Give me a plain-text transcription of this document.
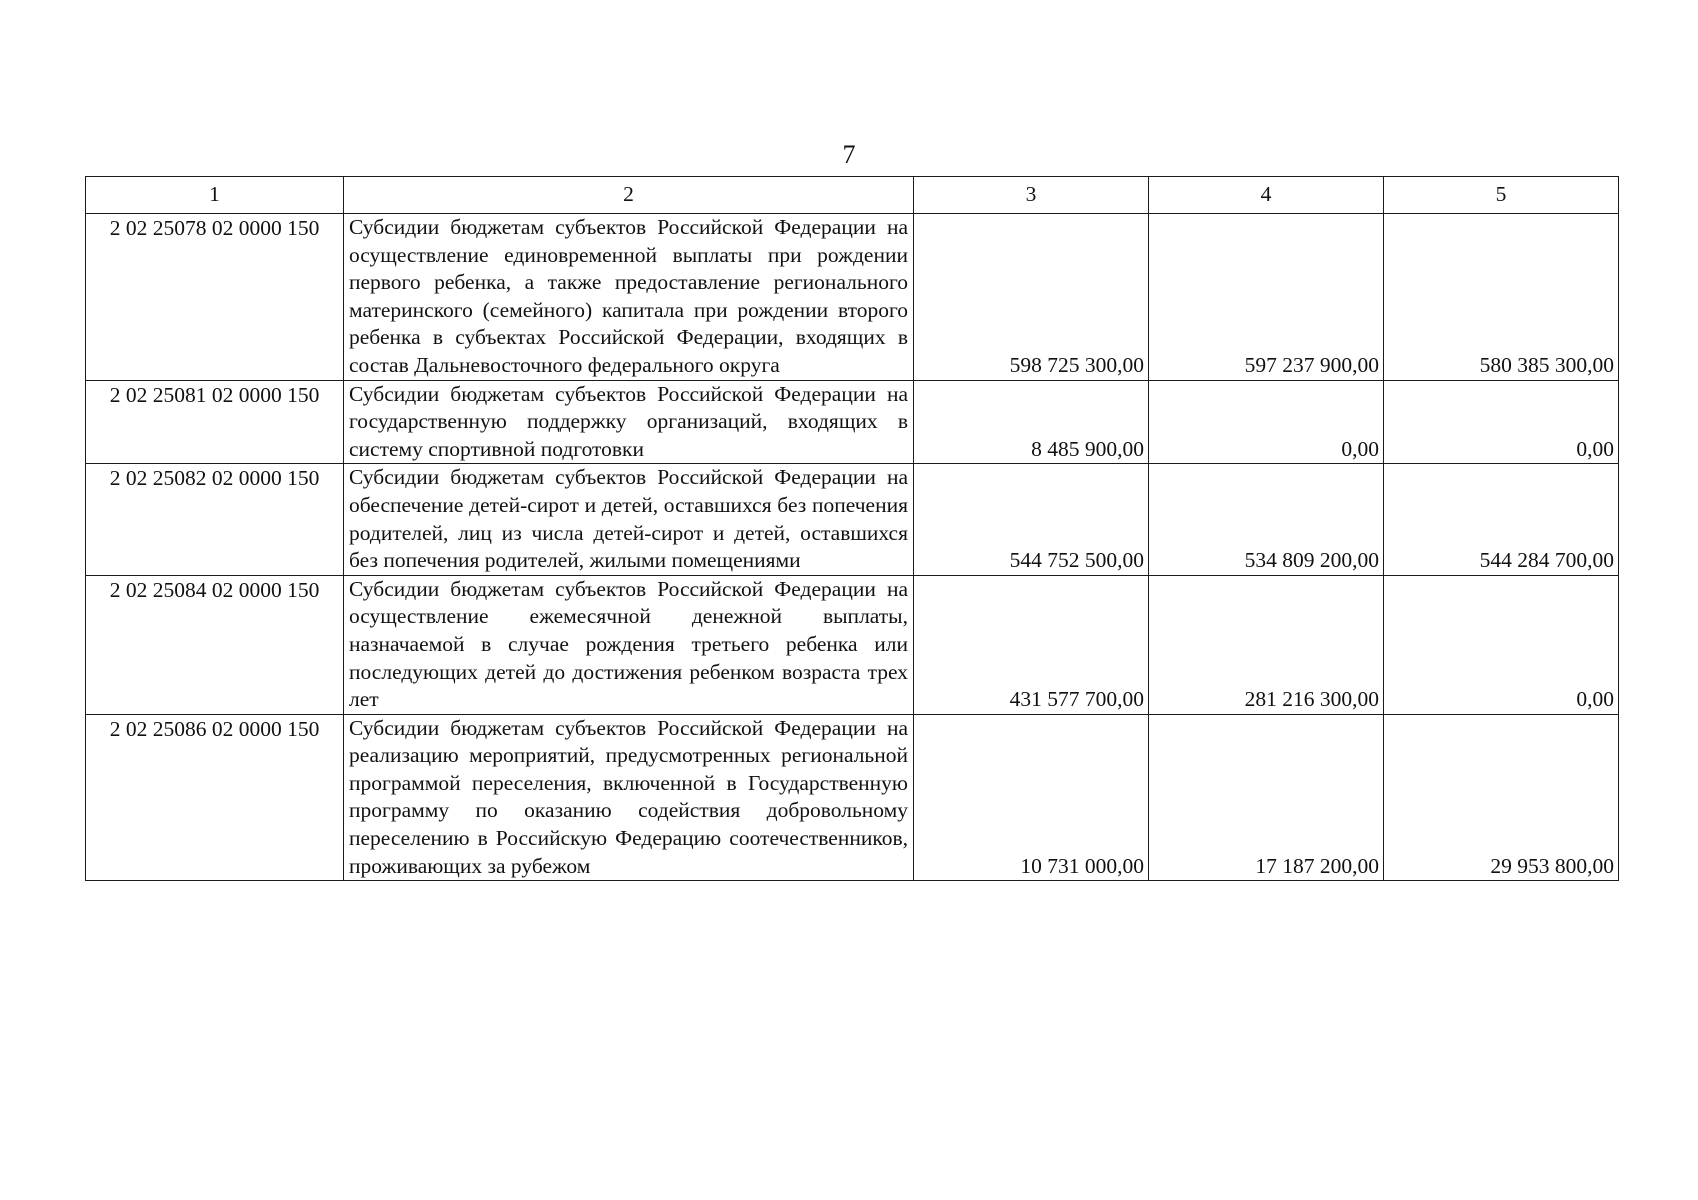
7
1	2	3	4	5
2 02 25078 02 0000 150	Субсидии бюджетам субъектов Российской Федерации на осуществление единовременной выплаты при рождении первого ребенка, а также предоставление регионального материнского (семейного) капитала при рождении второго ребенка в субъектах Российской Федерации, входящих в состав Дальневосточного федерального округа	598 725 300,00	597 237 900,00	580 385 300,00
2 02 25081 02 0000 150	Субсидии бюджетам субъектов Российской Федерации на государственную поддержку организаций, входящих в систему спортивной подготовки	8 485 900,00	0,00	0,00
2 02 25082 02 0000 150	Субсидии бюджетам субъектов Российской Федерации на обеспечение детей-сирот и детей, оставшихся без попечения родителей, лиц из числа детей-сирот и детей, оставшихся без попечения родителей, жилыми помещениями	544 752 500,00	534 809 200,00	544 284 700,00
2 02 25084 02 0000 150	Субсидии бюджетам субъектов Российской Федерации на осуществление ежемесячной денежной выплаты, назначаемой в случае рождения третьего ребенка или последующих детей до достижения ребенком возраста трех лет	431 577 700,00	281 216 300,00	0,00
2 02 25086 02 0000 150	Субсидии бюджетам субъектов Российской Федерации на реализацию мероприятий, предусмотренных региональной программой переселения, включенной в Государственную программу по оказанию содействия добровольному переселению в Российскую Федерацию соотечественников, проживающих за рубежом	10 731 000,00	17 187 200,00	29 953 800,00
